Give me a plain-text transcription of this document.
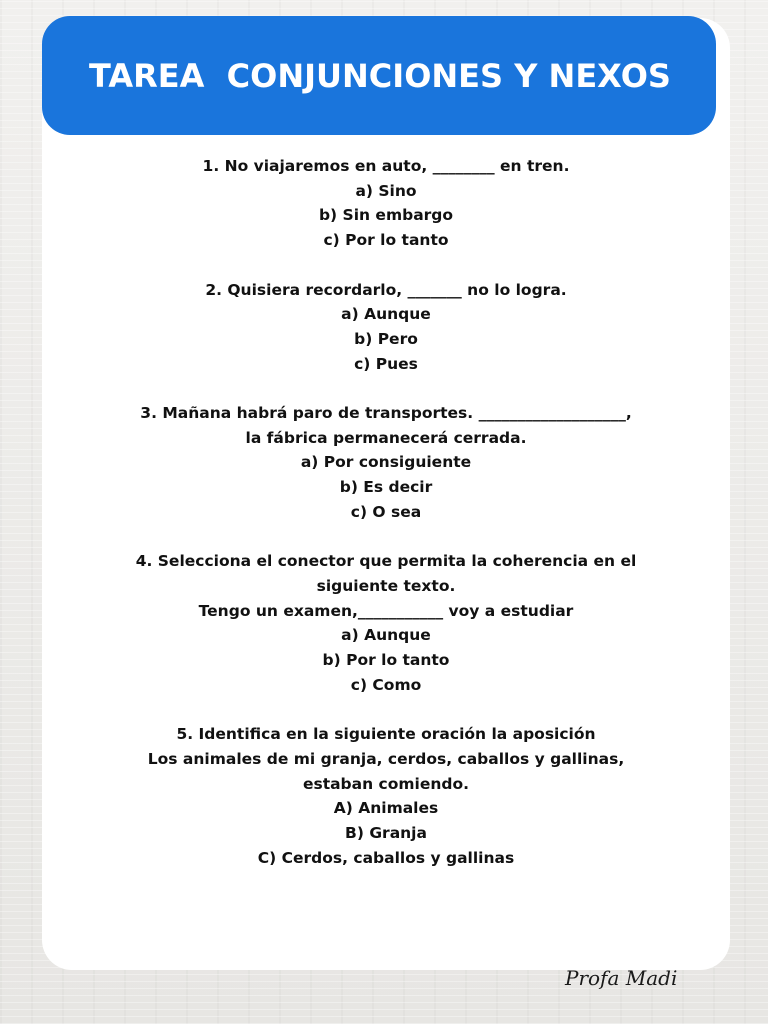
TAREA  CONJUNCIONES Y NEXOS
1. No viajaremos en auto, ________ en tren.
a) Sino
b) Sin embargo
c) Por lo tanto
2. Quisiera recordarlo, _______ no lo logra.
a) Aunque
b) Pero
c) Pues
3. Mañana habrá paro de transportes. ___________________,
la fábrica permanecerá cerrada.
a) Por consiguiente
b) Es decir
c) O sea
4. Selecciona el conector que permita la coherencia en el
siguiente texto.
Tengo un examen,___________ voy a estudiar
a) Aunque
b) Por lo tanto
c) Como
5. Identifica en la siguiente oración la aposición
Los animales de mi granja, cerdos, caballos y gallinas,
estaban comiendo.
A) Animales
B) Granja
C) Cerdos, caballos y gallinas
Profa Madi
